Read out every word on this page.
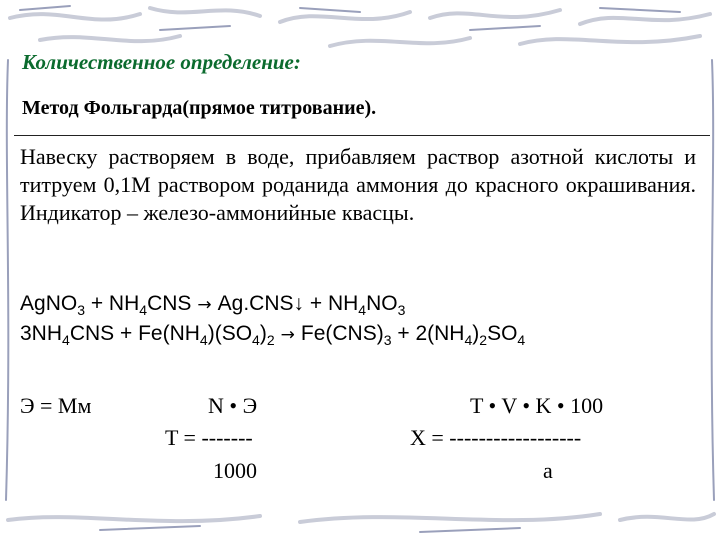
Количественное определение:
Метод Фольгарда(прямое титрование).
Навеску растворяем в воде, прибавляем раствор азотной кислоты и титруем 0,1М раствором роданида аммония до красного окрашивания. Индикатор – железо-аммонийные квасцы.
AgNO$_3$ + $NH_4CNS$ → Ag.CNS↓ + $NH_4NO_3$
$3NH_4CNS + Fe(NH_4)(SO_4)_2 \to Fe(CNS)_3 + 2(NH_4)_2SO_4$
Э = Мм	N • Э
T = -------
1000
T • V • K • 100
X = ------------------
a
